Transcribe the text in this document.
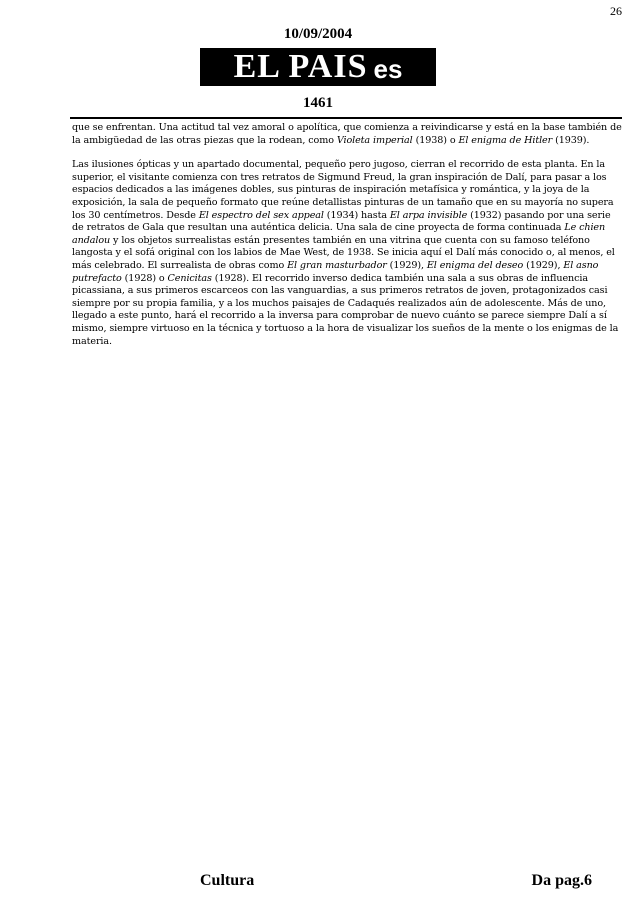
26
10/09/2004
EL PAIS es
1461

que se enfrentan. Una actitud tal vez amoral o apolítica, que comienza a reivindicarse y está en la base también de la ambigüedad de las otras piezas que la rodean, como Violeta imperial (1938) o El enigma de Hitler (1939).

Las ilusiones ópticas y un apartado documental, pequeño pero jugoso, cierran el recorrido de esta planta. En la superior, el visitante comienza con tres retratos de Sigmund Freud, la gran inspiración de Dalí, para pasar a los espacios dedicados a las imágenes dobles, sus pinturas de inspiración metafísica y romántica, y la joya de la exposición, la sala de pequeño formato que reúne detallistas pinturas de un tamaño que en su mayoría no supera los 30 centímetros. Desde El espectro del sex appeal (1934) hasta El arpa invisible (1932) pasando por una serie de retratos de Gala que resultan una auténtica delicia. Una sala de cine proyecta de forma continuada Le chien andalou y los objetos surrealistas están presentes también en una vitrina que cuenta con su famoso teléfono langosta y el sofá original con los labios de Mae West, de 1938. Se inicia aquí el Dalí más conocido o, al menos, el más celebrado. El surrealista de obras como El gran masturbador (1929), El enigma del deseo (1929), El asno putrefacto (1928) o Cenicitas (1928). El recorrido inverso dedica también una sala a sus obras de influencia picassiana, a sus primeros escarceos con las vanguardias, a sus primeros retratos de joven, protagonizados casi siempre por su propia familia, y a los muchos paisajes de Cadaqués realizados aún de adolescente. Más de uno, llegado a este punto, hará el recorrido a la inversa para comprobar de nuevo cuánto se parece siempre Dalí a sí mismo, siempre virtuoso en la técnica y tortuoso a la hora de visualizar los sueños de la mente o los enigmas de la materia.

Cultura	Da pag.6
